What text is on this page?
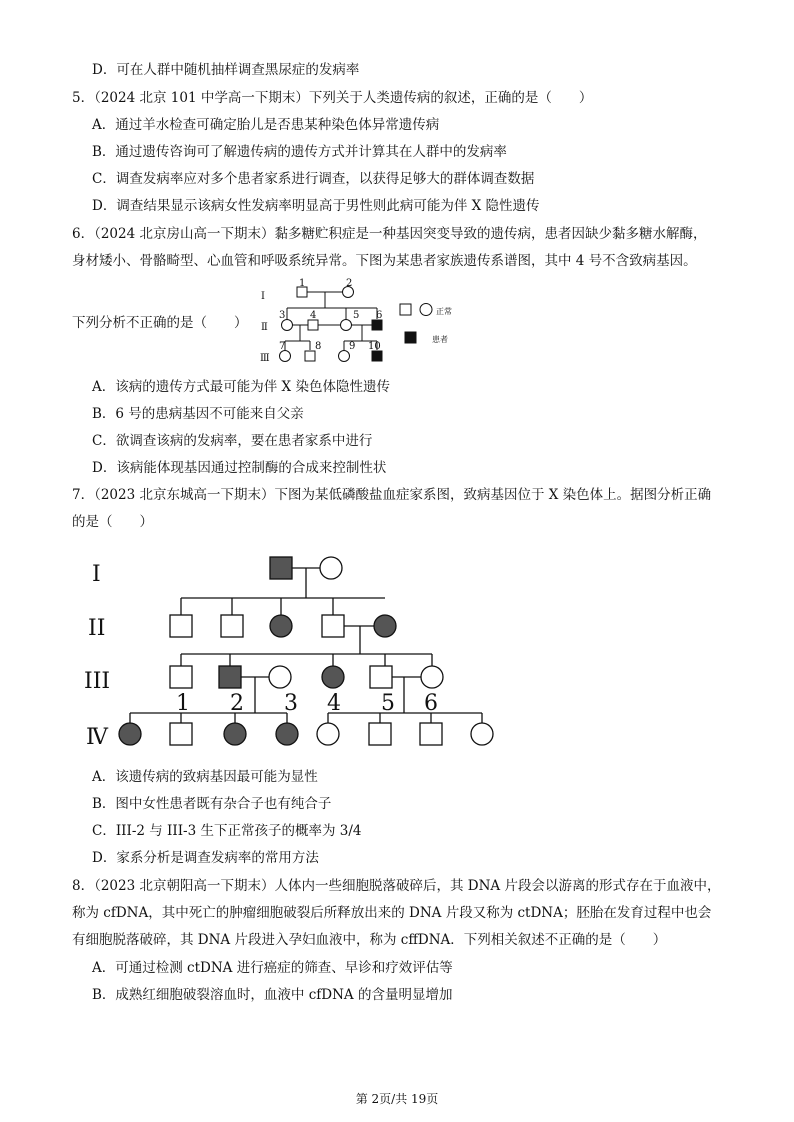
D．可在人群中随机抽样调查黑尿症的发病率
5．（2024 北京 101 中学高一下期末）下列关于人类遗传病的叙述，正确的是（　　）
A．通过羊水检查可确定胎儿是否患某种染色体异常遗传病
B．通过遗传咨询可了解遗传病的遗传方式并计算其在人群中的发病率
C．调查发病率应对多个患者家系进行调查，以获得足够大的群体调查数据
D．调查结果显示该病女性发病率明显高于男性则此病可能为伴 X 隐性遗传
6．（2024 北京房山高一下期末）黏多糖贮积症是一种基因突变导致的遗传病，患者因缺少黏多糖水解酶，
身材矮小、骨骼畸型、心血管和呼吸系统异常。下图为某患者家族遗传系谱图，其中 4 号不含致病基因。
下列分析不正确的是（　　）
Ⅰ
Ⅱ
Ⅲ
1	2
3 4	5 6
7	8	9 10
正常
患者
A．该病的遗传方式最可能为伴 X 染色体隐性遗传
B．6 号的患病基因不可能来自父亲
C．欲调查该病的发病率，要在患者家系中进行
D．该病能体现基因通过控制酶的合成来控制性状
7．（2023 北京东城高一下期末）下图为某低磷酸盐血症家系图，致病基因位于 X 染色体上。据图分析正确
的是（　　）
I
II
III
Ⅳ
1 2 3 4 5 6
A．该遗传病的致病基因最可能为显性
B．图中女性患者既有杂合子也有纯合子
C．III-2 与 III-3 生下正常孩子的概率为 3/4
D．家系分析是调查发病率的常用方法
8．（2023 北京朝阳高一下期末）人体内一些细胞脱落破碎后，其 DNA 片段会以游离的形式存在于血液中，
称为 cfDNA，其中死亡的肿瘤细胞破裂后所释放出来的 DNA 片段又称为 ctDNA；胚胎在发育过程中也会
有细胞脱落破碎，其 DNA 片段进入孕妇血液中，称为 cffDNA．下列相关叙述不正确的是（　　）
A．可通过检测 ctDNA 进行癌症的筛查、早诊和疗效评估等
B．成熟红细胞破裂溶血时，血液中 cfDNA 的含量明显增加
第 2页/共 19页
